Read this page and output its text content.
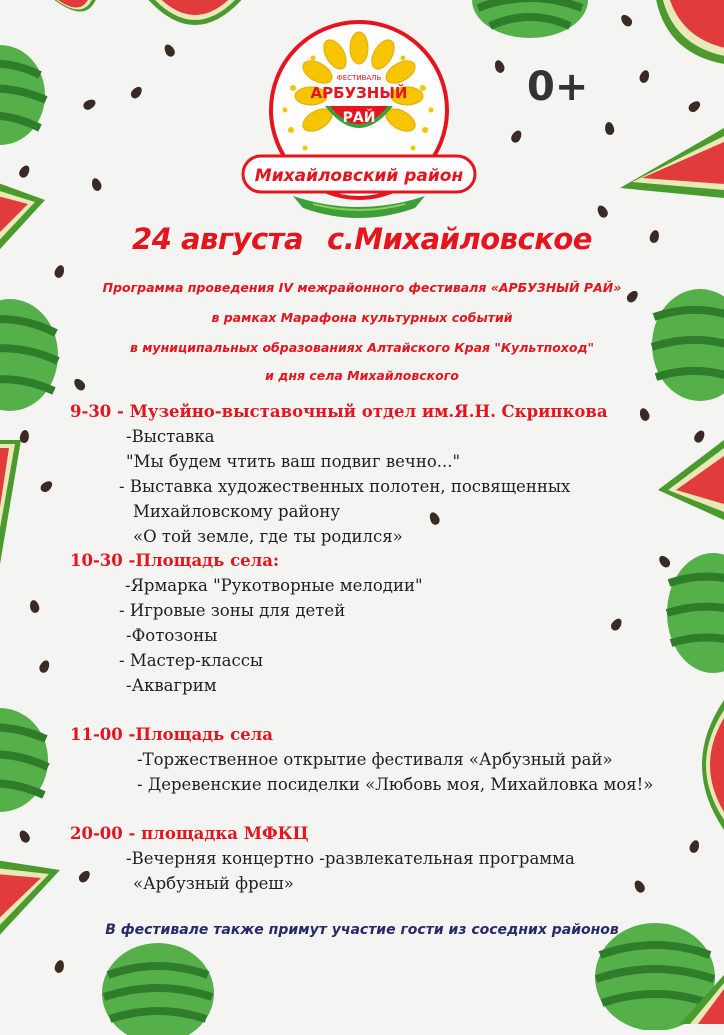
ФЕСТИВАЛЬ
АРБУЗНЫЙ
РАЙ
Михайловский район
0+
24 августа с.Михайловское
Программа проведения IV межрайонного фестиваля «АРБУЗНЫЙ РАЙ»
в рамках Марафона культурных событий
в муниципальных образованиях Алтайского Края "Культпоход"
и дня села Михайловского
9-30 - Музейно-выставочный отдел им.Я.Н. Скрипкова
-Выставка
"Мы будем чтить ваш подвиг вечно..."
- Выставка художественных полотен, посвященных
Михайловскому району
«О той земле, где ты родился»
10-30 -Площадь села:
-Ярмарка "Рукотворные мелодии"
- Игровые зоны для детей
-Фотозоны
- Мастер-классы
-Аквагрим
11-00 -Площадь села
-Торжественное открытие фестиваля «Арбузный рай»
- Деревенские посиделки «Любовь моя, Михайловка моя!»
20-00 - площадка МФКЦ
-Вечерняя концертно -развлекательная программа
«Арбузный фреш»
В фестивале также примут участие гости из соседних районов
